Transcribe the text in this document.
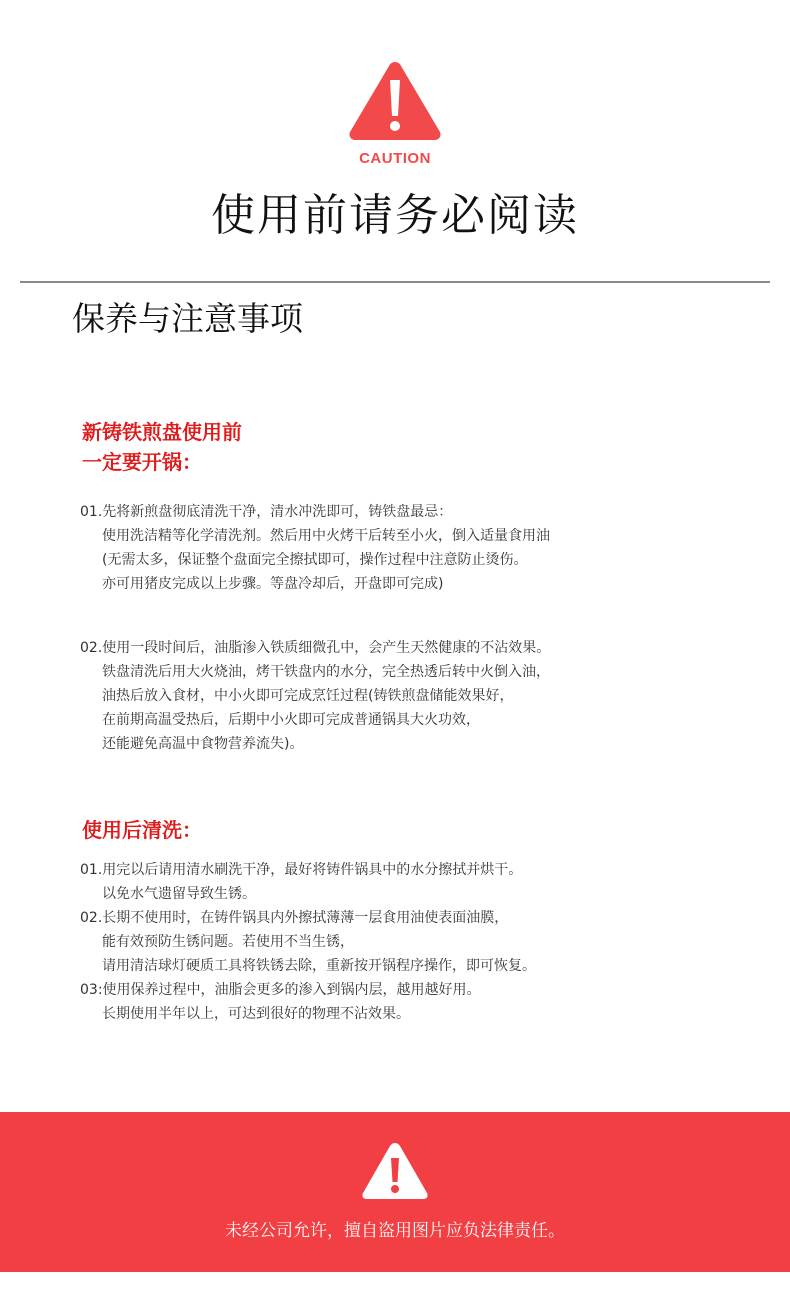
CAUTION
使用前请务必阅读
保养与注意事项
新铸铁煎盘使用前
一定要开锅：
01.先将新煎盘彻底清洗干净，清水冲洗即可，铸铁盘最忌：
使用洗洁精等化学清洗剂。然后用中火烤干后转至小火，倒入适量食用油
(无需太多，保证整个盘面完全擦拭即可，操作过程中注意防止烫伤。
亦可用猪皮完成以上步骤。等盘冷却后，开盘即可完成)
02.使用一段时间后，油脂渗入铁质细微孔中，会产生天然健康的不沾效果。
铁盘清洗后用大火烧油，烤干铁盘内的水分，完全热透后转中火倒入油，
油热后放入食材，中小火即可完成烹饪过程(铸铁煎盘储能效果好，
在前期高温受热后，后期中小火即可完成普通锅具大火功效，
还能避免高温中食物营养流失)。
使用后清洗：
01.用完以后请用清水刷洗干净，最好将铸件锅具中的水分擦拭并烘干。
以免水气遗留导致生锈。
02.长期不使用时，在铸件锅具内外擦拭薄薄一层食用油使表面油膜，
能有效预防生锈问题。若使用不当生锈，
请用清洁球灯硬质工具将铁锈去除，重新按开锅程序操作，即可恢复。
03:使用保养过程中，油脂会更多的渗入到锅内层，越用越好用。
长期使用半年以上，可达到很好的物理不沾效果。
未经公司允许，擅自盗用图片应负法律责任。
